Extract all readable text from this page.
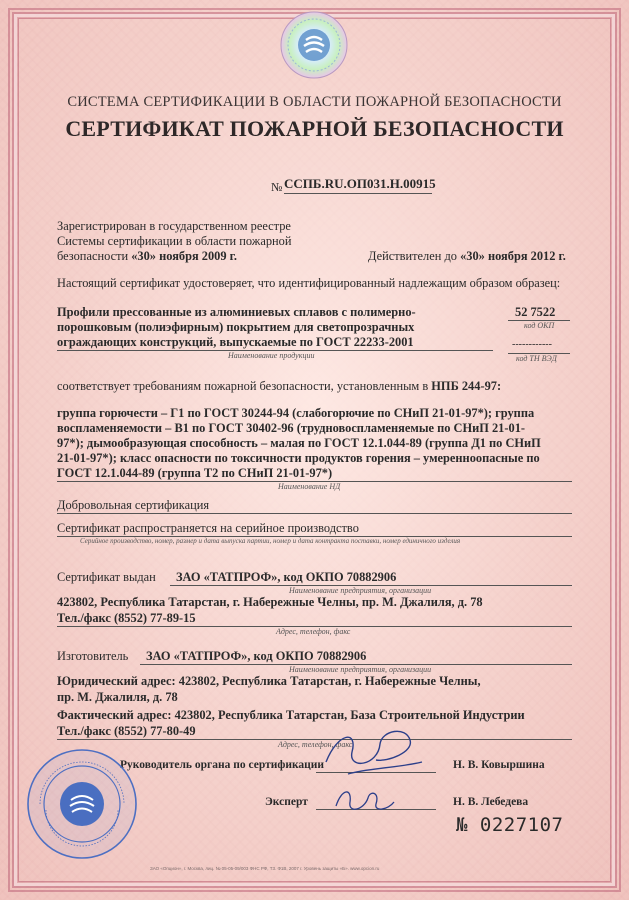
СИСТЕМА СЕРТИФИКАЦИИ В ОБЛАСТИ ПОЖАРНОЙ БЕЗОПАСНОСТИ
СЕРТИФИКАТ ПОЖАРНОЙ БЕЗОПАСНОСТИ
№ ССПБ.RU.ОП031.Н.00915
Зарегистрирован в государственном реестре
Системы сертификации в области пожарной
безопасности «30» ноября 2009 г.	Действителен до «30» ноября 2012 г.
Настоящий сертификат удостоверяет, что идентифицированный надлежащим образом образец:
Профили прессованные из алюминиевых сплавов с полимерно-
порошковым (полиэфирным) покрытием для светопрозрачных
ограждающих конструкций, выпускаемые по ГОСТ 22233-2001
Наименование продукции
52 7522
код ОКП
------------
код ТН ВЭД
соответствует требованиям пожарной безопасности, установленным в НПБ 244-97:
группа горючести – Г1 по ГОСТ 30244-94 (слабогорючие по СНиП 21-01-97*); группа
воспламеняемости – В1 по ГОСТ 30402-96 (трудновоспламеняемые по СНиП 21-01-
97*); дымообразующая способность – малая по ГОСТ 12.1.044-89 (группа Д1 по СНиП
21-01-97*); класс опасности по токсичности продуктов горения – умеренноопасные по
ГОСТ 12.1.044-89 (группа Т2 по СНиП 21-01-97*)
Наименование НД
Добровольная сертификация
Сертификат распространяется на серийное производство
Серийное производство, номер, размер и дата выпуска партии, номер и дата контракта поставки, номер единичного изделия
Сертификат выдан ЗАО «ТАТПРОФ», код ОКПО 70882906
Наименование предприятия, организации
423802, Республика Татарстан, г. Набережные Челны, пр. М. Джалиля, д. 78
Тел./факс (8552) 77-89-15
Адрес, телефон, факс
Изготовитель ЗАО «ТАТПРОФ», код ОКПО 70882906
Наименование предприятия, организации
Юридический адрес: 423802, Республика Татарстан, г. Набережные Челны,
пр. М. Джалиля, д. 78
Фактический адрес: 423802, Республика Татарстан, База Строительной Индустрии
Тел./факс (8552) 77-80-49
Адрес, телефон, факс
Руководитель органа по сертификации	Н. В. Ковыршина
Эксперт	Н. В. Лебедева
№ 0227107
ЗАО «Опцион», г. Москва, лиц. № 05-05-09/003 ФНС РФ, Т3. Ф1В, 2007 г. Уровень защиты «Б». www.opcion.ru
